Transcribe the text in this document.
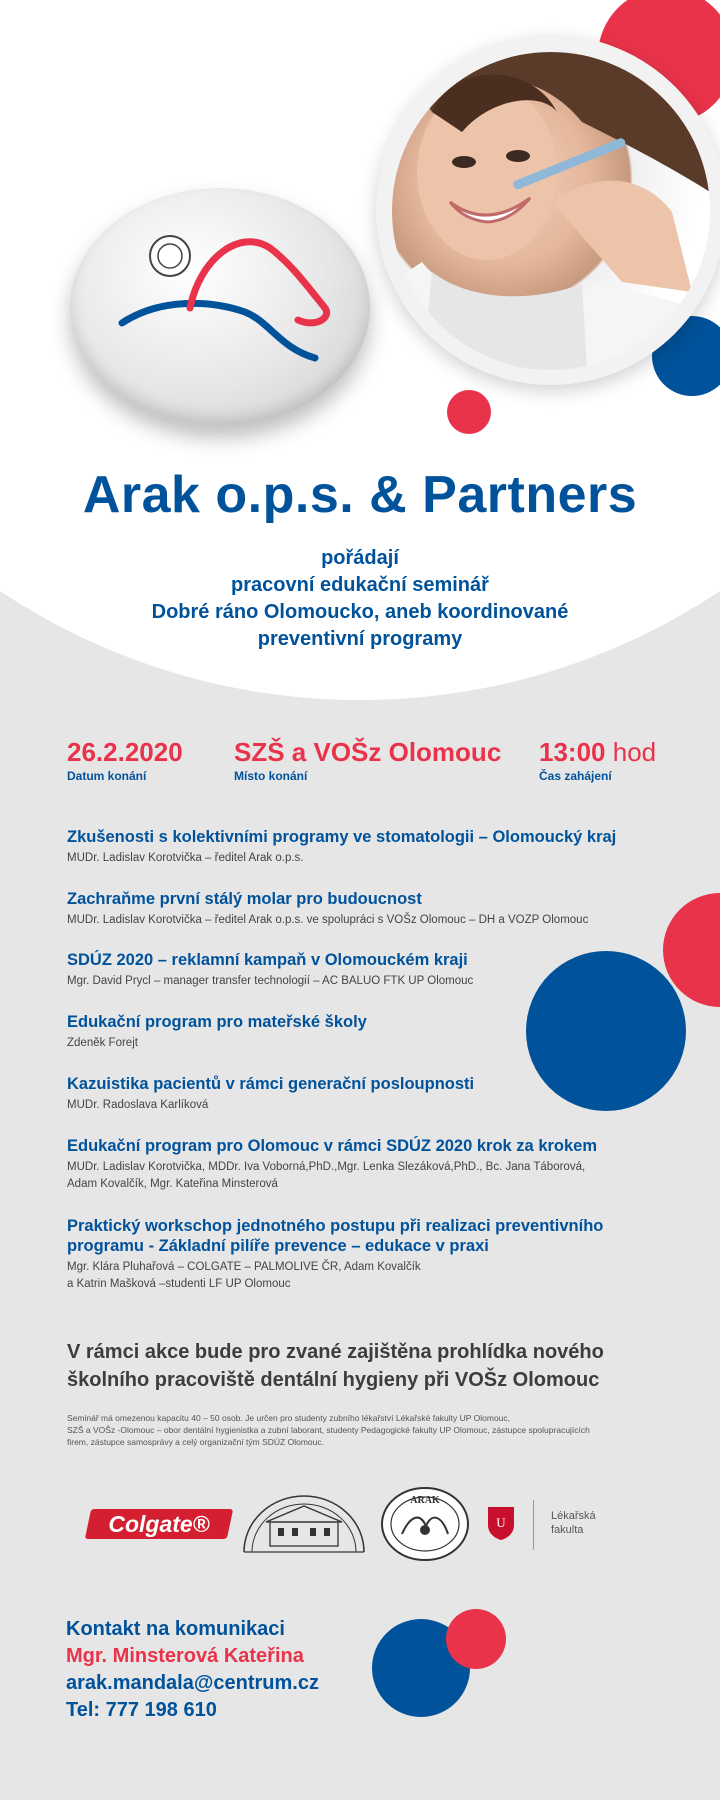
Arak o.p.s. & Partners
pořádají
pracovní edukační seminář
Dobré ráno Olomoucko, aneb koordinované
preventivní programy
26.2.2020
Datum konání
SZŠ a VOŠz Olomouc
Místo konání
13:00 hod
Čas zahájení
Zkušenosti s kolektivními programy ve stomatologii – Olomoucký kraj
MUDr. Ladislav Korotvička – ředitel Arak o.p.s.
Zachraňme první stálý molar pro budoucnost
MUDr. Ladislav Korotvička – ředitel Arak o.p.s. ve spolupráci s VOŠz Olomouc – DH a VOZP Olomouc
SDÚZ 2020 – reklamní kampaň v Olomouckém kraji
Mgr. David Prycl – manager transfer technologií – AC BALUO FTK UP Olomouc
Edukační program pro mateřské školy
Zdeněk Forejt
Kazuistika pacientů v rámci generační posloupnosti
MUDr. Radoslava Karlíková
Edukační program pro Olomouc v rámci SDÚZ 2020 krok za krokem
MUDr. Ladislav Korotvička, MDDr. Iva Voborná,PhD.,Mgr. Lenka Slezáková,PhD., Bc. Jana Táborová,
Adam Kovalčík, Mgr. Kateřina Minsterová
Praktický workschop jednotného postupu při realizaci preventivního
programu - Základní pilíře prevence – edukace v praxi
Mgr. Klára Pluhařová – COLGATE – PALMOLIVE ČR, Adam Kovalčík
a Katrin Mašková –studenti LF UP Olomouc
V rámci akce bude pro zvané zajištěna prohlídka nového
školního pracoviště dentální hygieny při VOŠz Olomouc
Seminář má omezenou kapacitu 40 – 50 osob. Je určen pro studenty zubního lékařství Lékařské fakulty UP Olomouc,
SZŠ a VOŠz -Olomouc – obor dentální hygienistka a zubní laborant, studenty Pedagogické fakulty UP Olomouc, zástupce spolupracujících
firem, zástupce samosprávy a celý organizační tým SDÚZ Olomouc.
Colgate®
ARAK
U	Lékařská
fakulta
Kontakt na komunikaci
Mgr. Minsterová Kateřina
arak.mandala@centrum.cz
Tel: 777 198 610
